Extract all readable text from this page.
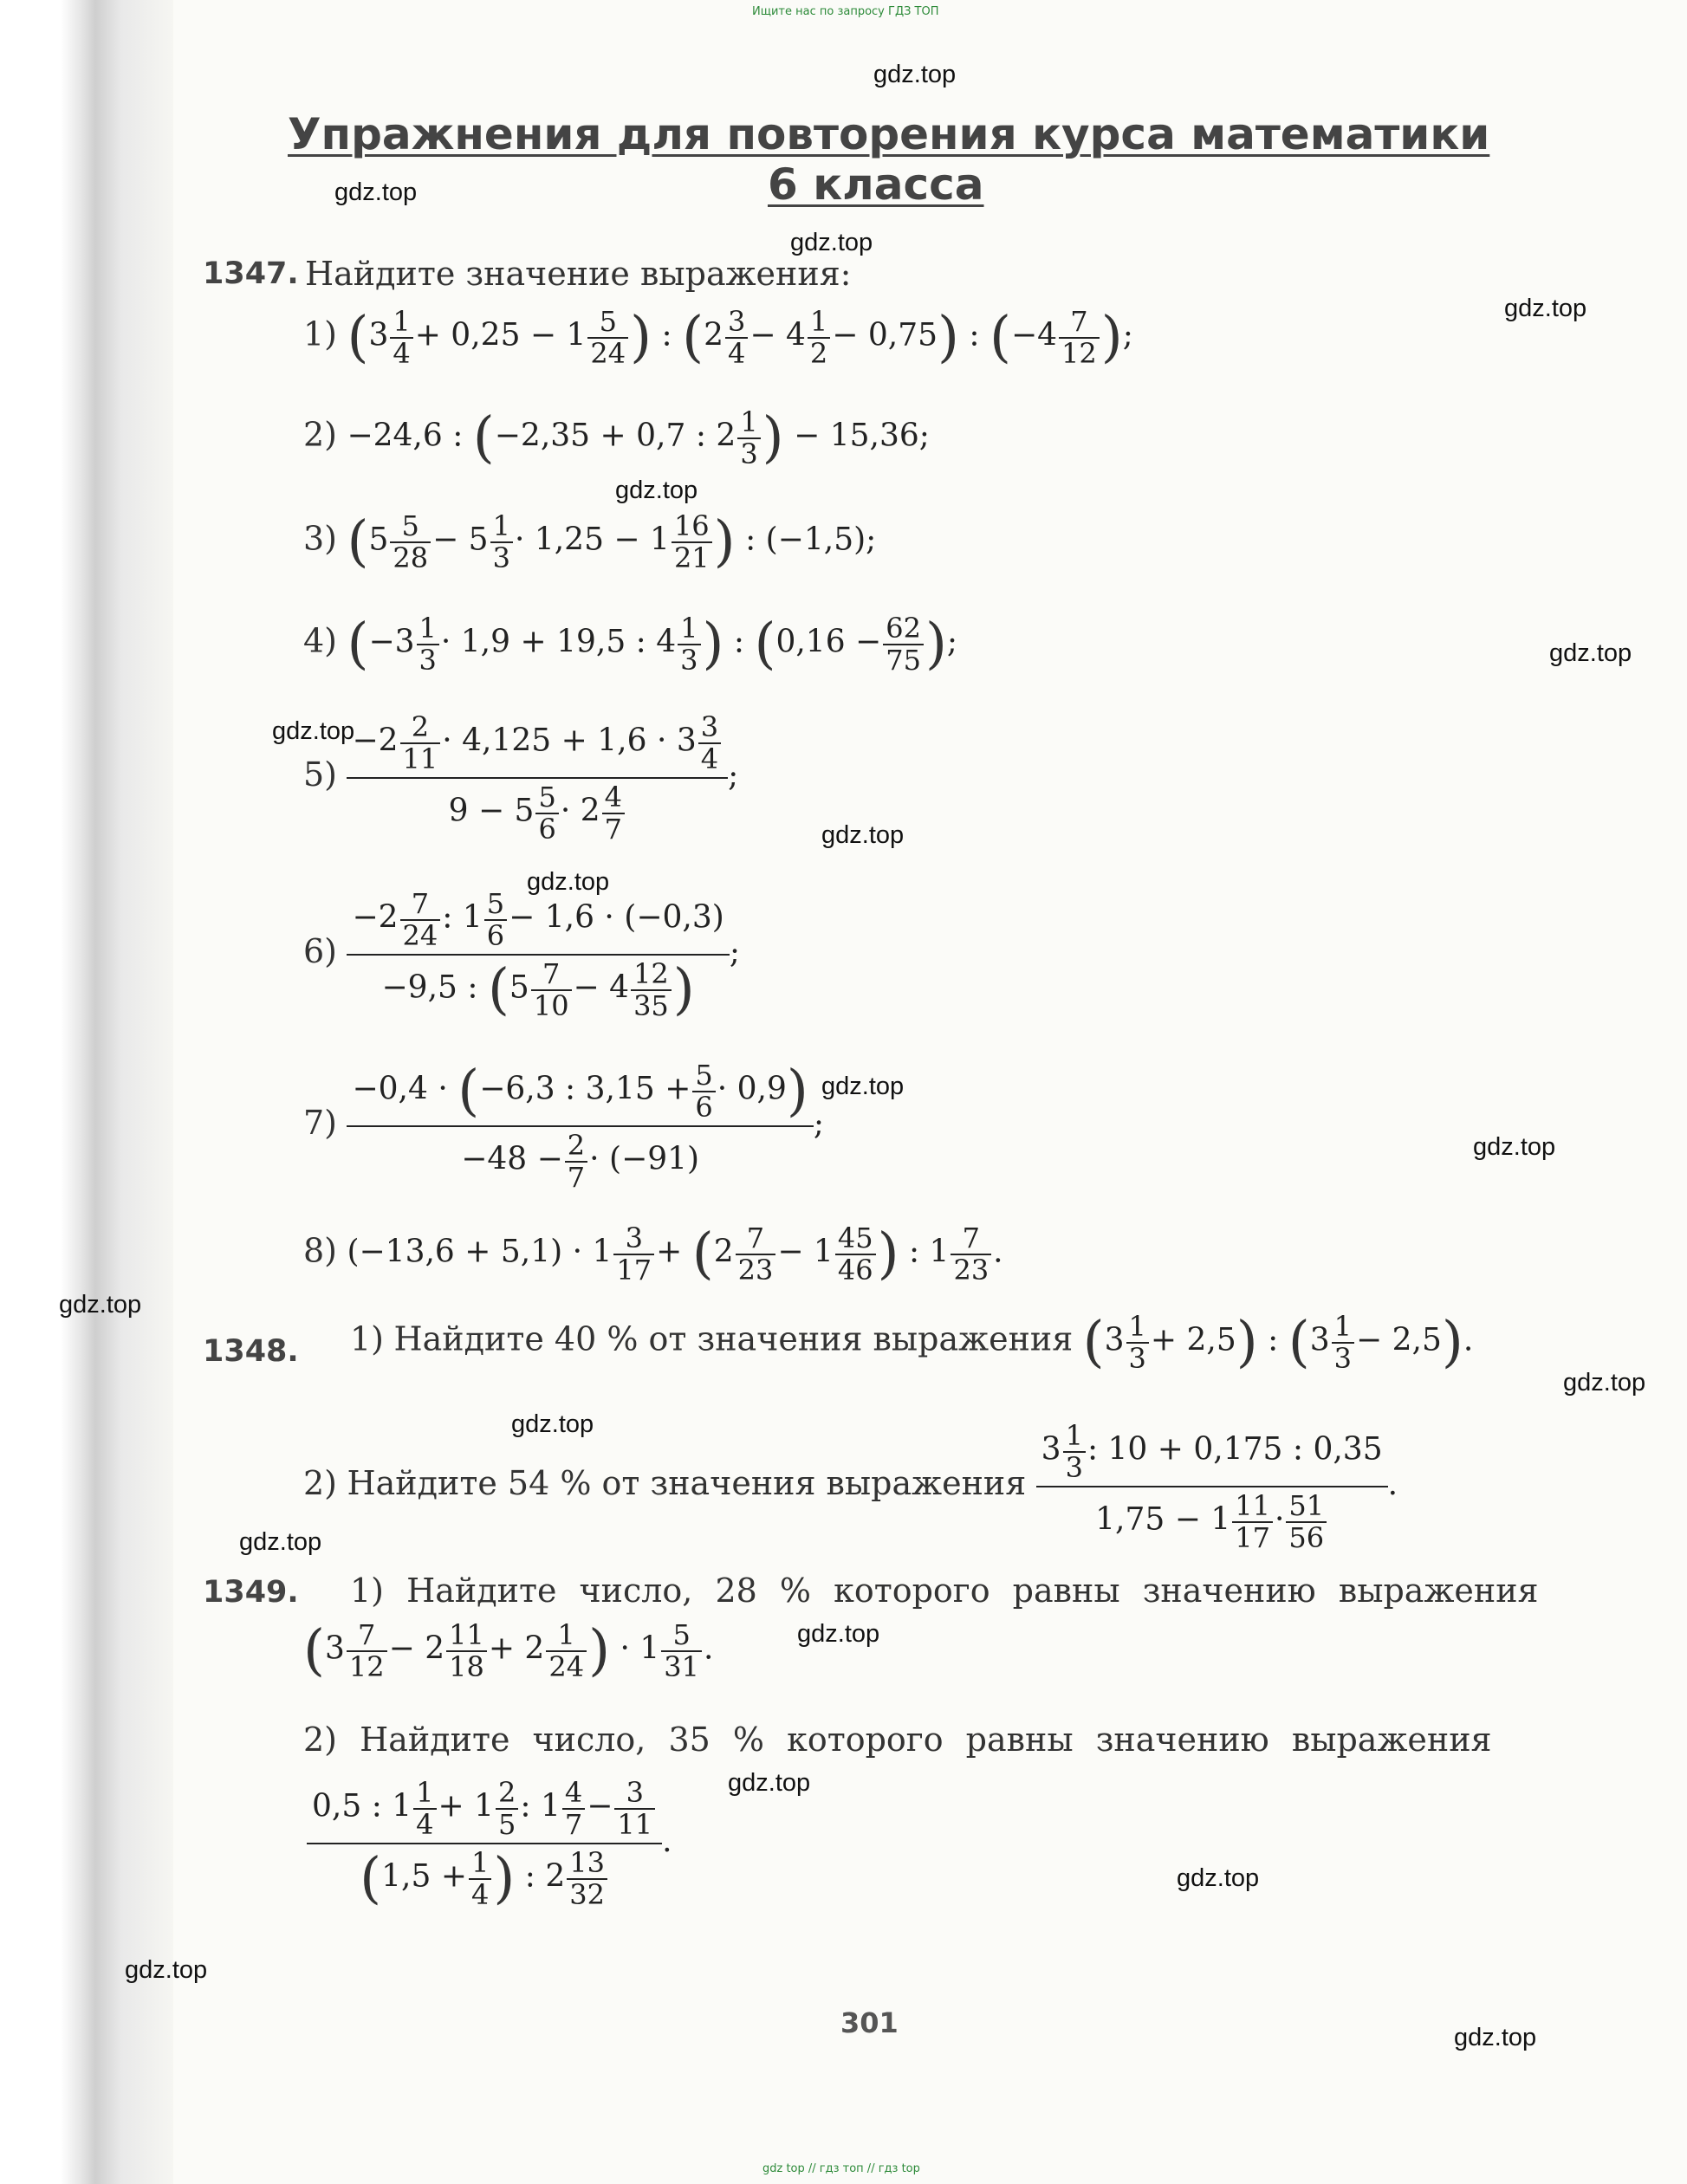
Ищите нас по запросу ГДЗ ТОП
gdz.top
gdz.top
gdz.top
gdz.top
gdz.top
gdz.top
gdz.top
gdz.top
gdz.top
gdz.top
gdz.top
gdz.top
gdz.top
gdz.top
gdz.top
gdz.top
gdz.top
gdz.top
gdz.top
gdz.top
Упражнения для повторения курса математики
6 класса
1347. Найдите значение выражения:
1) ($3 \frac{1}{4} + 0,25 - 1 \frac{5}{24}$ ) : $(2 \frac{3}{4} - 4 \frac{1}{2} - 0,75)$ : ($-4 \frac{7}{12}$ );
2) −24,6 : (−2,35 + 0,7 : $2 \frac{1}{3}$ ) − 15,36;
3) ($5 \frac{5}{28} - 5 \frac{1}{3} \cdot 1,25 - 1 \frac{16}{21}$ ) : (−1,5);
4) ($-3 \frac{1}{3} \cdot 1,9 + 19,5$ : $4 \frac{1}{3}$ ) : ($0,16 - \frac{62}{75}$ );
$5) \frac{-2 \frac{2}{11} \cdot 4,125 + 1,6 \cdot 3 \frac{3}{4}}{9 - 5 \frac{5}{6} \cdot 2 \frac{4}{7}}$ ;
$6) \frac{-2 \frac{7}{24} : 1 \frac{5}{6} - 1,6 \cdot (-0,3)}{-9,5 : (5 \frac{7}{10} - 4 \frac{12}{35} )}$ ;
$7) \frac{-0,4 \cdot (-6,3 : 3,15 + \frac{5}{6} \cdot 0,9)}{-48 - \frac{2}{7} \cdot (-91)}$ ;
8) $(-13,6 + 5,1) \cdot 1 \frac{3}{17} + (2 \frac{7}{23} - 1 \frac{45}{46}$ ) : $1 \frac{7}{23}$ .
1348. 1) Найдите 40 % от значения выражения $(3 \frac{1}{3} + 2,5)$ : $(3 \frac{1}{3} - 2,5)$.
2) Найдите 54 % от значения выражения $\frac{3 \frac{1}{3} : 10 + 0,175 : 0,35}{1,75 - 1 \frac{11}{17} \cdot \frac{51}{56}}$ .
1349. 1) Найдите число, 28 % которого равны значению выражения
($3 \frac{7}{12} - 2 \frac{11}{18} + 2 \frac{1}{24}$ ) · $1 \frac{5}{31}$ .
2) Найдите число, 35 % которого равны значению выражения
$\frac{0,5 : 1 \frac{1}{4} + 1 \frac{2}{5} : 1 \frac{4}{7} - \frac{3}{11}}{(1,5 + \frac{1}{4} ) : 2 \frac{13}{32}}$ .
301
gdz top // гдз топ // гдз top
